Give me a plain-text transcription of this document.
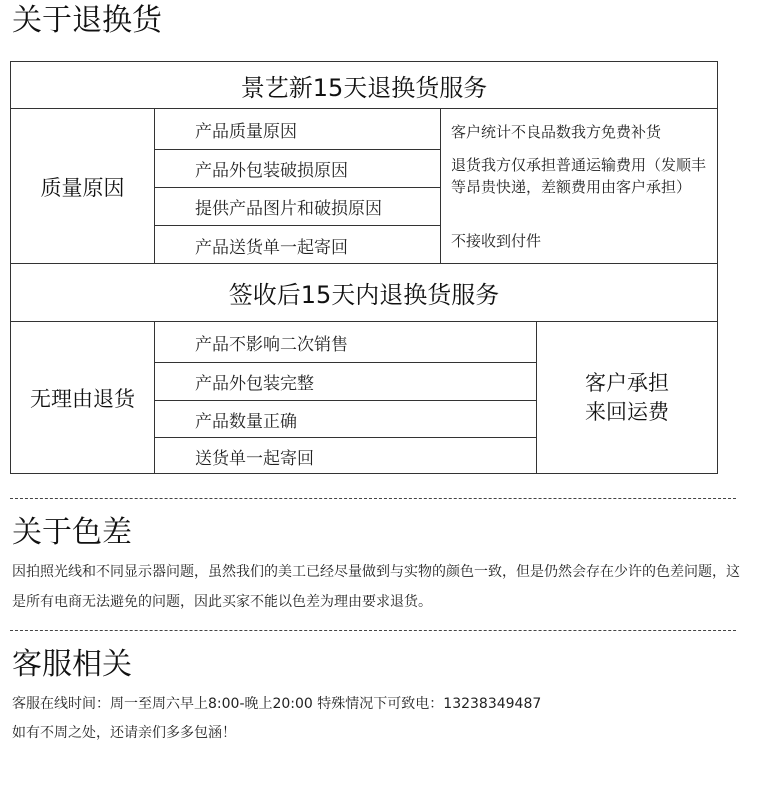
关于退换货
景艺新15天退换货服务
质量原因
产品质量原因
产品外包装破损原因
提供产品图片和破损原因
产品送货单一起寄回
客户统计不良品数我方免费补货
退货我方仅承担普通运输费用（发顺丰等昂贵快递，差额费用由客户承担）
不接收到付件
签收后15天内退换货服务
无理由退货
产品不影响二次销售
产品外包装完整
产品数量正确
送货单一起寄回
客户承担
来回运费
关于色差

因拍照光线和不同显示器问题，虽然我们的美工已经尽量做到与实物的颜色一致，但是仍然会存在少许的色差问题，这是所有电商无法避免的问题，因此买家不能以色差为理由要求退货。

客服相关

客服在线时间：周一至周六早上8:00-晚上20:00 特殊情况下可致电：13238349487

如有不周之处，还请亲们多多包涵！
